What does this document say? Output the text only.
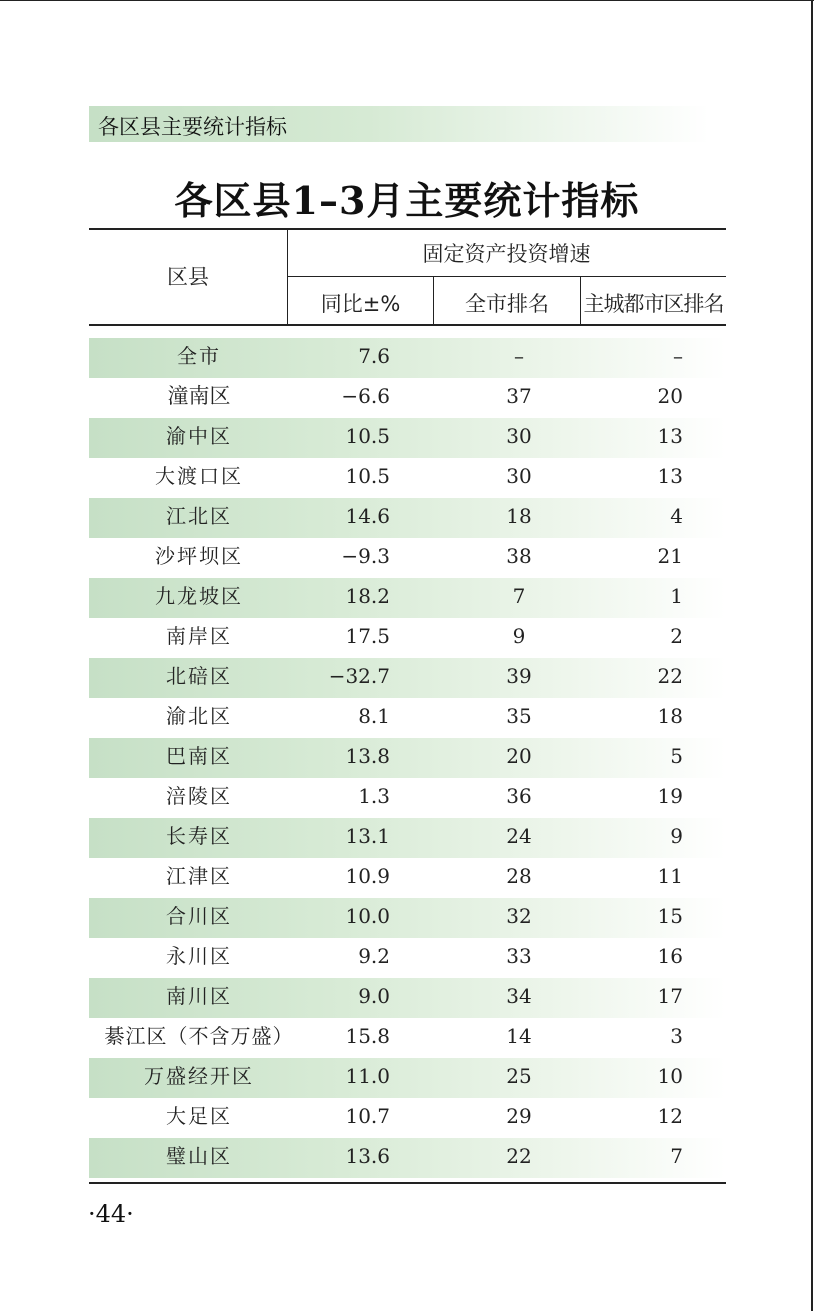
各区县主要统计指标
各区县1–3月主要统计指标
区县
固定资产投资增速
同比±%	全市排名	主城都市区排名
全市	7.6	–	–
潼南区	−6.6	37	20
渝中区	10.5	30	13
大渡口区	10.5	30	13
江北区	14.6	18	4
沙坪坝区	−9.3	38	21
九龙坡区	18.2	7	1
南岸区	17.5	9	2
北碚区	−32.7	39	22
渝北区	8.1	35	18
巴南区	13.8	20	5
涪陵区	1.3	36	19
长寿区	13.1	24	9
江津区	10.9	28	11
合川区	10.0	32	15
永川区	9.2	33	16
南川区	9.0	34	17
綦江区（不含万盛）	15.8	14	3
万盛经开区	11.0	25	10
大足区	10.7	29	12
璧山区	13.6	22	7
·44·
